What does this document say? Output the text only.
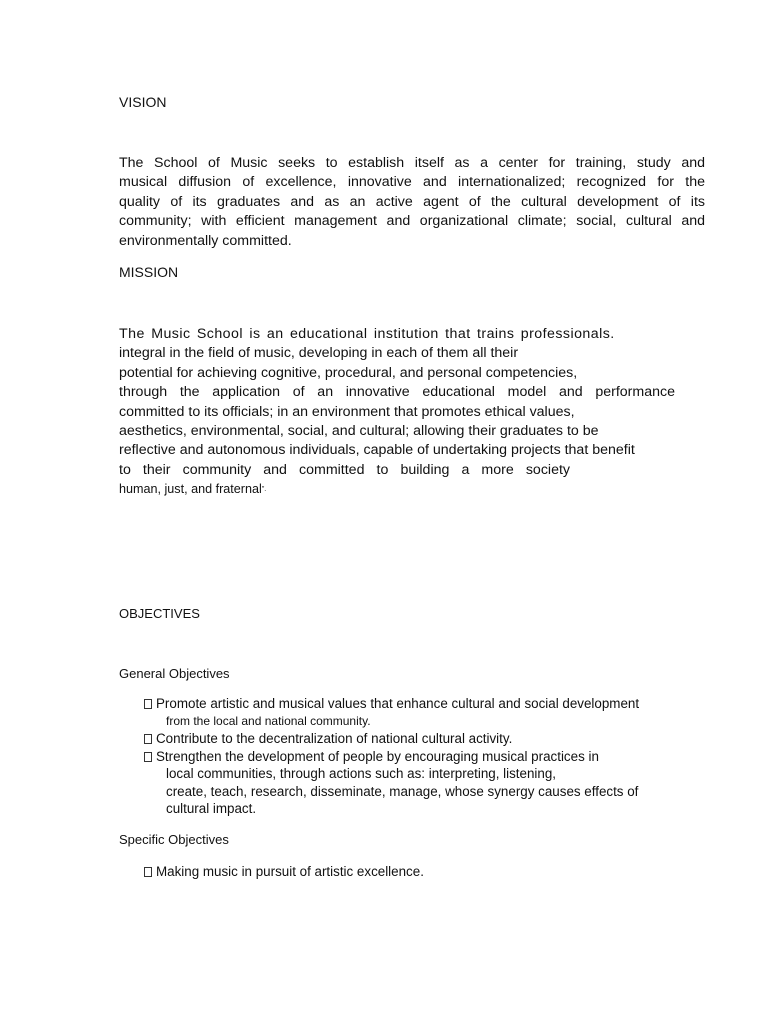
VISION
The School of Music seeks to establish itself as a center for training, study and
musical diffusion of excellence, innovative and internationalized; recognized for the
quality of its graduates and as an active agent of the cultural development of its
community; with efficient management and organizational climate; social, cultural and
environmentally committed.
MISSION
The Music School is an educational institution that trains professionals.
integral in the field of music, developing in each of them all their
potential for achieving cognitive, procedural, and personal competencies,
through the application of an innovative educational model and performance
committed to its officials; in an environment that promotes ethical values,
aesthetics, environmental, social, and cultural; allowing their graduates to be
reflective and autonomous individuals, capable of undertaking projects that benefit
to their community and committed to building a more society
human, just, and fraternal".
OBJECTIVES
General Objectives
Promote artistic and musical values that enhance cultural and social development
from the local and national community.
Contribute to the decentralization of national cultural activity.
Strengthen the development of people by encouraging musical practices in
local communities, through actions such as: interpreting, listening,
create, teach, research, disseminate, manage, whose synergy causes effects of
cultural impact.
Specific Objectives
Making music in pursuit of artistic excellence.
